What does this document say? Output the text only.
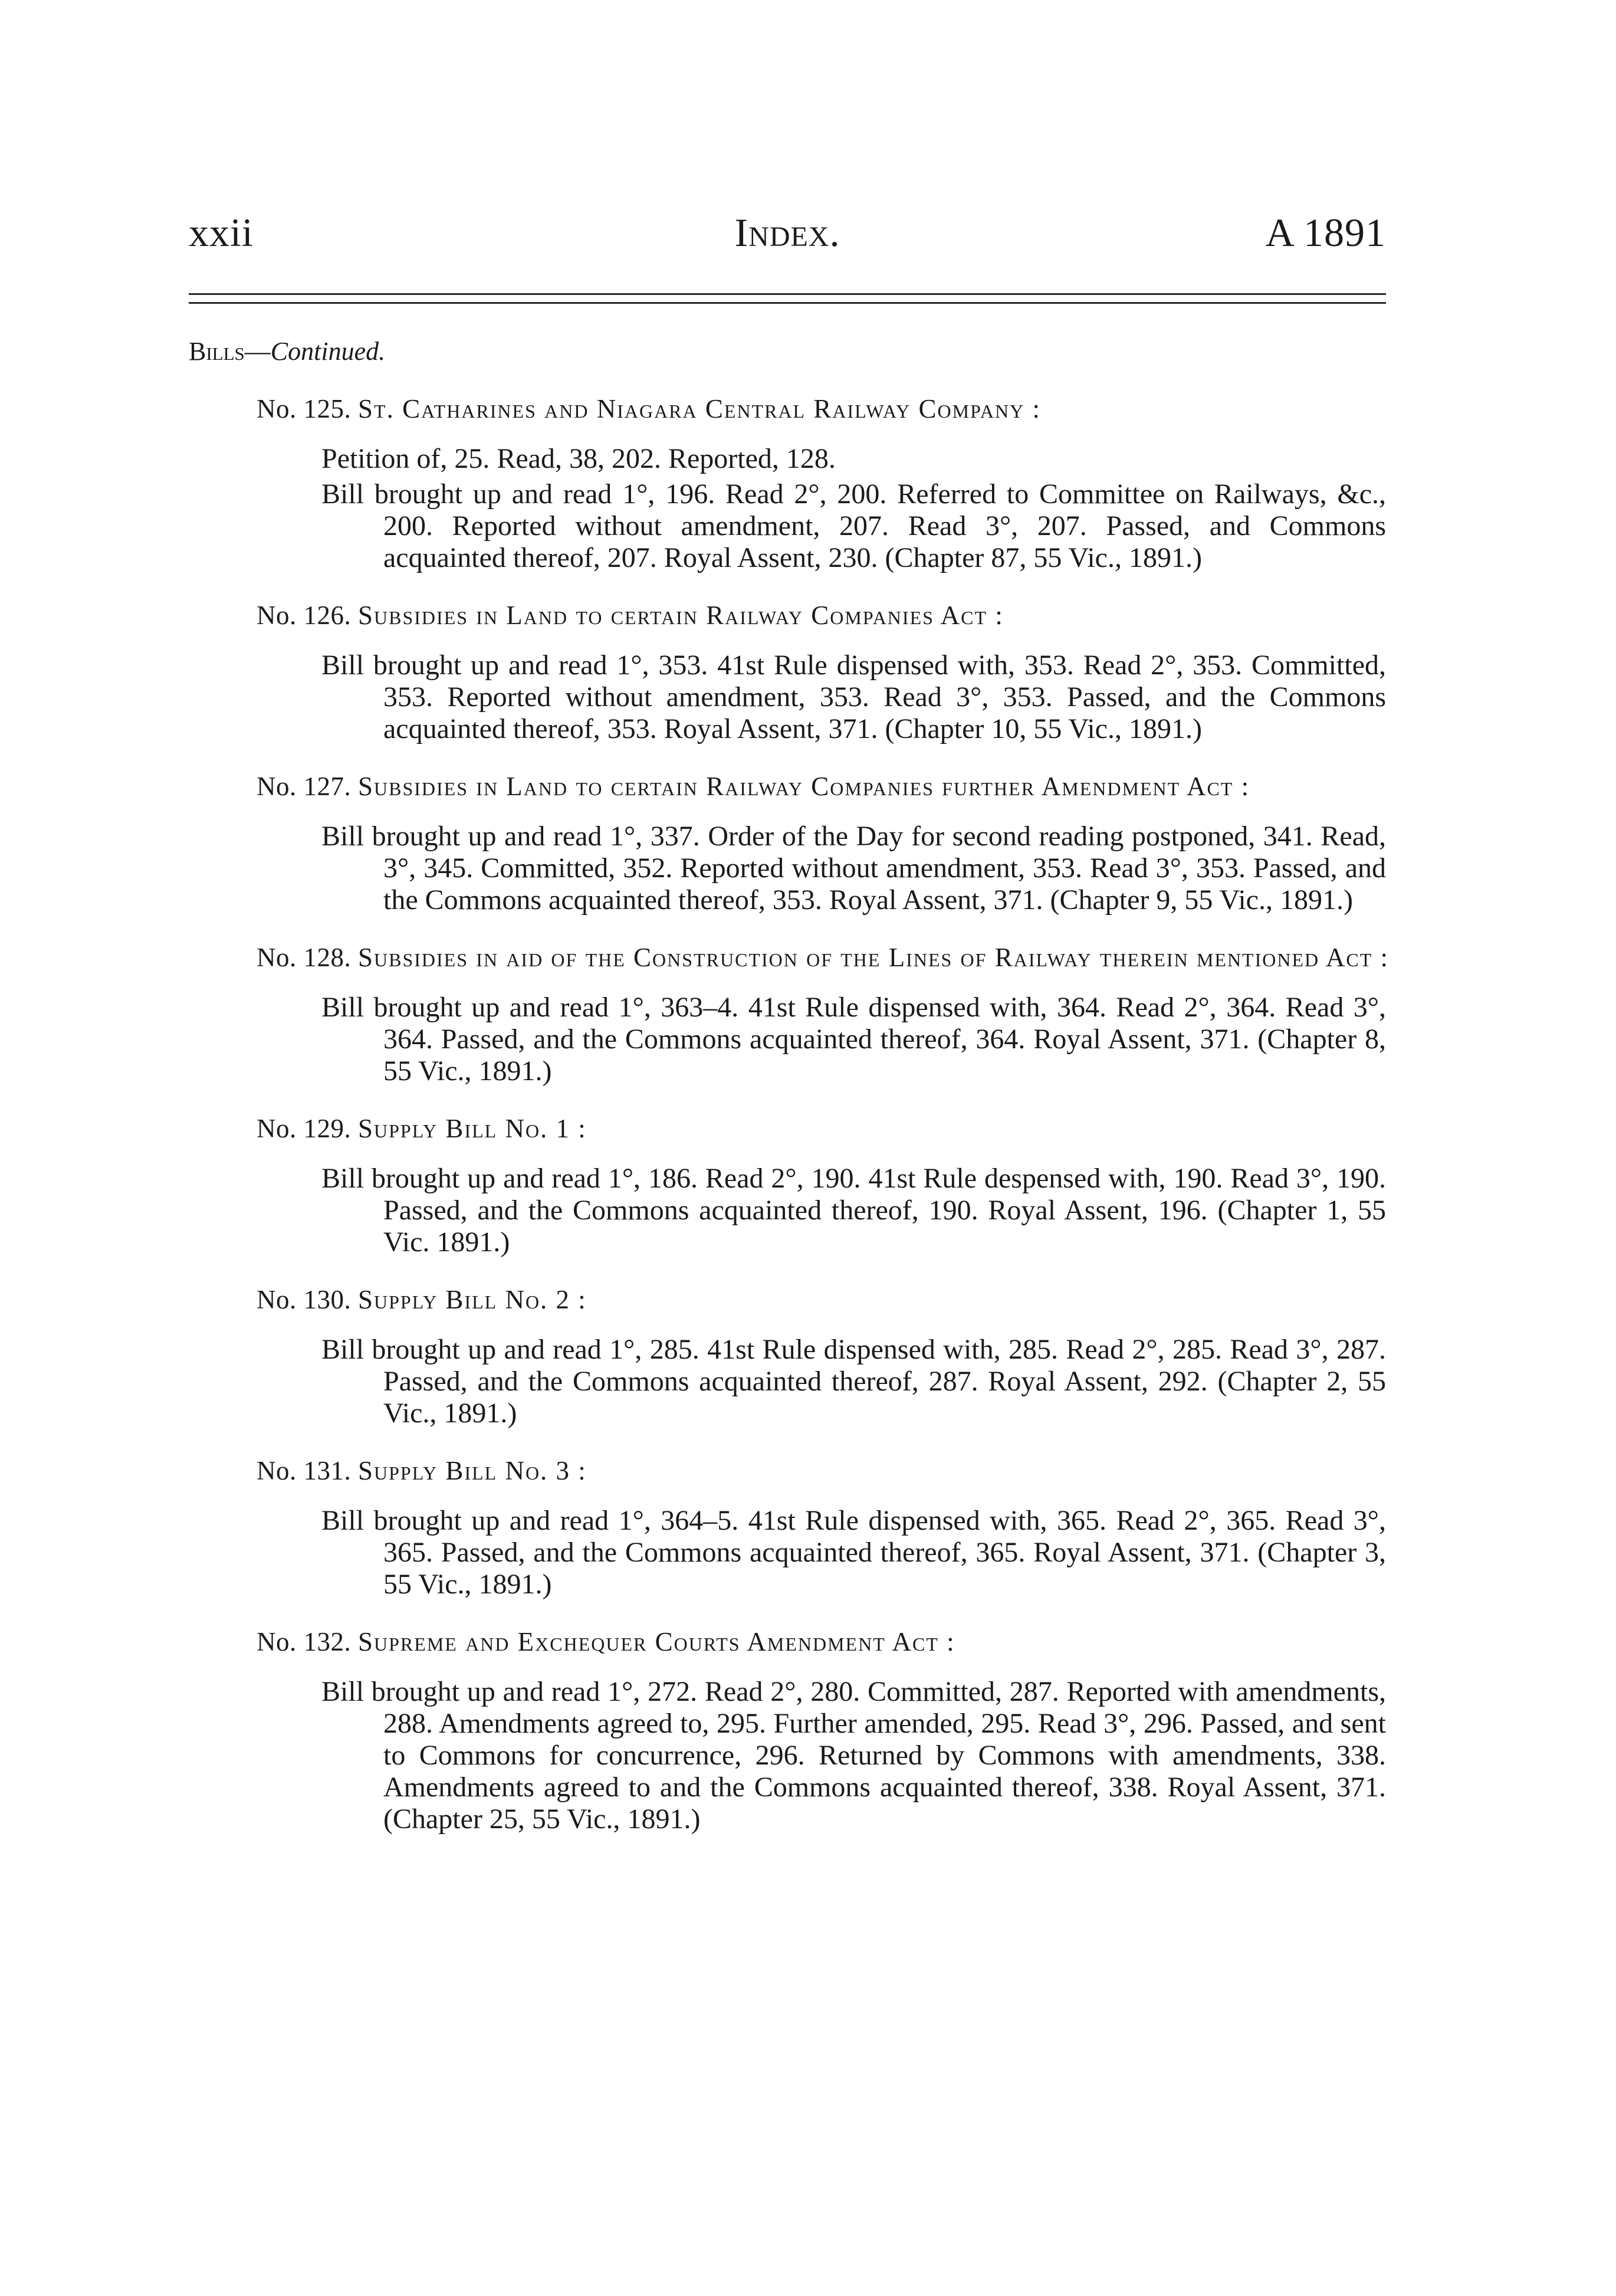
xxii	Index.	A 1891
Bills—Continued.
No. 125. St. Catharines and Niagara Central Railway Company :
Petition of, 25. Read, 38, 202. Reported, 128.
Bill brought up and read 1°, 196. Read 2°, 200. Referred to Committee on Railways, &c., 200. Reported without amendment, 207. Read 3°, 207. Passed, and Commons acquainted thereof, 207. Royal Assent, 230. (Chapter 87, 55 Vic., 1891.)
No. 126. Subsidies in Land to certain Railway Companies Act :
Bill brought up and read 1°, 353. 41st Rule dispensed with, 353. Read 2°, 353. Committed, 353. Reported without amendment, 353. Read 3°, 353. Passed, and the Commons acquainted thereof, 353. Royal Assent, 371. (Chapter 10, 55 Vic., 1891.)
No. 127. Subsidies in Land to certain Railway Companies further Amendment Act :
Bill brought up and read 1°, 337. Order of the Day for second reading postponed, 341. Read, 3°, 345. Committed, 352. Reported without amendment, 353. Read 3°, 353. Passed, and the Commons acquainted thereof, 353. Royal Assent, 371. (Chapter 9, 55 Vic., 1891.)
No. 128. Subsidies in aid of the Construction of the Lines of Railway therein mentioned Act :
Bill brought up and read 1°, 363–4. 41st Rule dispensed with, 364. Read 2°, 364. Read 3°, 364. Passed, and the Commons acquainted thereof, 364. Royal Assent, 371. (Chapter 8, 55 Vic., 1891.)
No. 129. Supply Bill No. 1 :
Bill brought up and read 1°, 186. Read 2°, 190. 41st Rule despensed with, 190. Read 3°, 190. Passed, and the Commons acquainted thereof, 190. Royal Assent, 196. (Chapter 1, 55 Vic. 1891.)
No. 130. Supply Bill No. 2 :
Bill brought up and read 1°, 285. 41st Rule dispensed with, 285. Read 2°, 285. Read 3°, 287. Passed, and the Commons acquainted thereof, 287. Royal Assent, 292. (Chapter 2, 55 Vic., 1891.)
No. 131. Supply Bill No. 3 :
Bill brought up and read 1°, 364–5. 41st Rule dispensed with, 365. Read 2°, 365. Read 3°, 365. Passed, and the Commons acquainted thereof, 365. Royal Assent, 371. (Chapter 3, 55 Vic., 1891.)
No. 132. Supreme and Exchequer Courts Amendment Act :
Bill brought up and read 1°, 272. Read 2°, 280. Committed, 287. Reported with amendments, 288. Amendments agreed to, 295. Further amended, 295. Read 3°, 296. Passed, and sent to Commons for concurrence, 296. Returned by Commons with amendments, 338. Amendments agreed to and the Commons acquainted thereof, 338. Royal Assent, 371. (Chapter 25, 55 Vic., 1891.)
